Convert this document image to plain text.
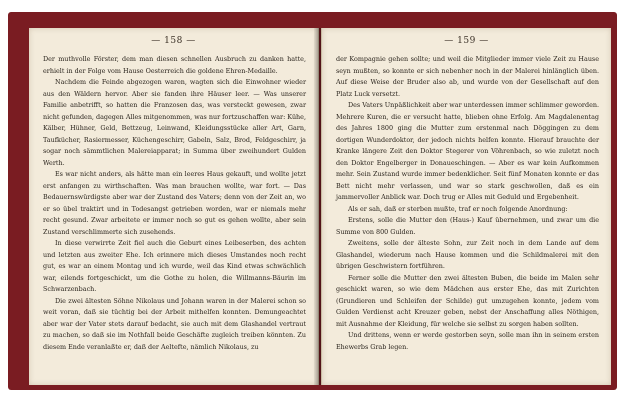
— 158 —

Der muthvolle Förster, dem man diesen schnellen Ausbruch zu danken hatte, erhielt in der Folge vom Hause Oesterreich die goldene Ehren-Medaille.

Nachdem die Feinde abgezogen waren, wagten sich die Einwohner wieder aus den Wäldern hervor. Aber sie fanden ihre Häuser leer. — Was unserer Familie anbetrifft, so hatten die Franzosen das, was versteckt gewesen, zwar nicht gefunden, dagegen Alles mitgenommen, was nur fortzuschaffen war: Kühe, Kälber, Hühner, Geld, Bettzeug, Leinwand, Kleidungsstücke aller Art, Garn, Taufkücher, Rasiermesser, Küchengeschirr, Gabeln, Salz, Brod, Feldgeschirr, ja sogar noch sämmtlichen Malereiapparat; in Summa über zweihundert Gulden Werth.

Es war nicht anders, als hätte man ein leeres Haus gekauft, und wollte jetzt erst anfangen zu wirthschaften. Was man brauchen wollte, war fort. — Das Bedauernswürdigste aber war der Zustand des Vaters; denn von der Zeit an, wo er so übel traktirt und in Todesangst getrieben worden, war er niemals mehr recht gesund. Zwar arbeitete er immer noch so gut es gehen wollte, aber sein Zustand verschlimmerte sich zusehends.

In diese verwirrte Zeit fiel auch die Geburt eines Leibeserben, des achten und letzten aus zweiter Ehe. Ich erinnere mich dieses Umstandes noch recht gut, es war an einem Montag und ich wurde, weil das Kind etwas schwächlich war, eilends fortgeschickt, um die Gothe zu holen, die Willmanns-Bäurin im Schwarzenbach.

Die zwei ältesten Söhne Nikolaus und Johann waren in der Malerei schon so weit voran, daß sie tüchtig bei der Arbeit mithelfen konnten. Demungeachtet aber war der Vater stets darauf bedacht, sie auch mit dem Glashandel vertraut zu machen, so daß sie im Nothfall beide Geschäfte zugleich treiben könnten. Zu diesem Ende veranlaßte er, daß der Aeltefte, nämlich Nikolaus, zu

— 159 —

der Kompagnie gehen sollte; und weil die Mitglieder immer viele Zeit zu Hause seyn mußten, so konnte er sich nebenher noch in der Malerei hinlänglich üben. Auf diese Weise der Bruder also ab, und wurde von der Gesellschaft auf den Platz Luck versetzt.

Des Vaters Unpäßlichkeit aber war unterdessen immer schlimmer geworden. Mehrere Kuren, die er versucht hatte, blieben ohne Erfolg. Am Magdalenentag des Jahres 1800 ging die Mutter zum erstenmal nach Döggingen zu dem dortigen Wunderdoktor, der jedoch nichts helfen konnte. Hierauf brauchte der Kranke längere Zeit den Doktor Stegerer von Vöhrenbach, so wie zuletzt noch den Doktor Engelberger in Donaueschingen. — Aber es war kein Aufkommen mehr. Sein Zustand wurde immer bedenklicher. Seit fünf Monaten konnte er das Bett nicht mehr verlassen, und war so stark geschwollen, daß es ein jammervoller Anblick war. Doch trug er Alles mit Geduld und Ergebenheit.

Als er sah, daß er sterben mußte, traf er noch folgende Anordnung:

Erstens, solle die Mutter den (Haus-) Kauf übernehmen, und zwar um die Summe von 800 Gulden.

Zweitens, solle der älteste Sohn, zur Zeit noch in dem Lande auf dem Glashandel, wiederum nach Hause kommen und die Schildmalerei mit den übrigen Geschwistern fortführen.

Ferner solle die Mutter den zwei ältesten Buben, die beide im Malen sehr geschickt waren, so wie dem Mädchen aus erster Ehe, das mit Zurichten (Grundieren und Schleifen der Schilde) gut umzugehen konnte, jedem vom Gulden Verdienst acht Kreuzer geben, nebst der Anschaffung alles Nöthigen, mit Ausnahme der Kleidung, für welche sie selbst zu sorgen haben sollten.

Und drittens, wenn er werde gestorben seyn, solle man ihn in seinem ersten Ehewerbs Grab legen.
